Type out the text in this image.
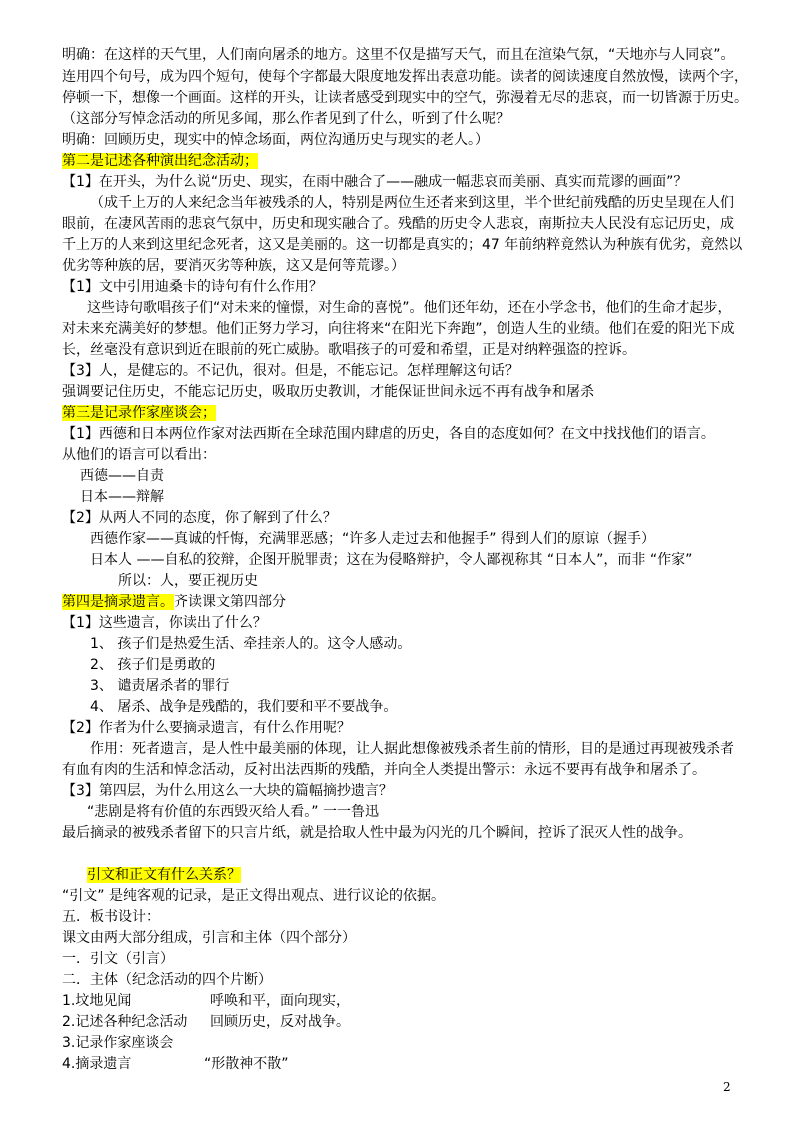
明确：在这样的天气里，人们南向屠杀的地方。这里不仅是描写天气，而且在渲染气氛，“天地亦与人同哀”。
连用四个句号，成为四个短句，使每个字都最大限度地发挥出表意功能。读者的阅读速度自然放慢，读两个字，
停顿一下，想像一个画面。这样的开头，让读者感受到现实中的空气，弥漫着无尽的悲哀，而一切皆源于历史。
（这部分写悼念活动的所见多闻，那么作者见到了什么，听到了什么呢？
明确：回顾历史，现实中的悼念场面，两位沟通历史与现实的老人。）
第二是记述各种演出纪念活动；
【1】在开头，为什么说“历史、现实，在雨中融合了——融成一幅悲哀而美丽、真实而荒谬的画面”？
（成千上万的人来纪念当年被残杀的人，特别是两位生还者来到这里，半个世纪前残酷的历史呈现在人们
眼前，在凄风苦雨的悲哀气氛中，历史和现实融合了。残酷的历史令人悲哀，南斯拉夫人民没有忘记历史，成
千上万的人来到这里纪念死者，这又是美丽的。这一切都是真实的；47 年前纳粹竟然认为种族有优劣，竟然以
优劣等种族的居，要消灭劣等种族，这又是何等荒谬。）
【1】文中引用迪桑卡的诗句有什么作用？
这些诗句歌唱孩子们“对未来的憧憬，对生命的喜悦”。他们还年幼，还在小学念书，他们的生命才起步，
对未来充满美好的梦想。他们正努力学习，向往将来“在阳光下奔跑”，创造人生的业绩。他们在爱的阳光下成
长，丝毫没有意识到近在眼前的死亡威胁。歌唱孩子的可爱和希望，正是对纳粹强盗的控诉。
【3】人，是健忘的。不记仇，很对。但是，不能忘记。怎样理解这句话？
强调要记住历史，不能忘记历史，吸取历史教训，才能保证世间永远不再有战争和屠杀
第三是记录作家座谈会；
【1】西德和日本两位作家对法西斯在全球范围内肆虐的历史，各自的态度如何？在文中找找他们的语言。
从他们的语言可以看出：
西德——自责
日本——辩解
【2】从两人不同的态度，你了解到了什么？
西德作家——真诚的忏悔，充满罪恶感；“许多人走过去和他握手” 得到人们的原谅（握手）
日本人 ——自私的狡辩，企图开脱罪责；这在为侵略辩护，令人鄙视称其 “日本人”，而非 “作家”
所以：人，要正视历史
第四是摘录遗言。齐读课文第四部分
【1】这些遗言，你读出了什么？
1、 孩子们是热爱生活、牵挂亲人的。这令人感动。
2、 孩子们是勇敢的
3、 谴责屠杀者的罪行
4、 屠杀、战争是残酷的，我们要和平不要战争。
【2】作者为什么要摘录遗言，有什么作用呢？
作用：死者遗言，是人性中最美丽的体现，让人据此想像被残杀者生前的情形，目的是通过再现被残杀者
有血有肉的生活和悼念活动，反衬出法西斯的残酷，并向全人类提出警示：永远不要再有战争和屠杀了。
【3】第四层，为什么用这么一大块的篇幅摘抄遗言？
“悲剧是将有价值的东西毁灭给人看。” 一一鲁迅
最后摘录的被残杀者留下的只言片纸，就是拾取人性中最为闪光的几个瞬间，控诉了泯灭人性的战争。
引文和正文有什么关系？
“引文” 是纯客观的记录，是正文得出观点、进行议论的依据。
五．板书设计：
课文由两大部分组成，引言和主体（四个部分）
一．引文（引言）
二．主体（纪念活动的四个片断）
1.坟地见闻	呼唤和平，面向现实，
2.记述各种纪念活动 回顾历史，反对战争。
3.记录作家座谈会
4.摘录遗言	“形散神不散”
2
